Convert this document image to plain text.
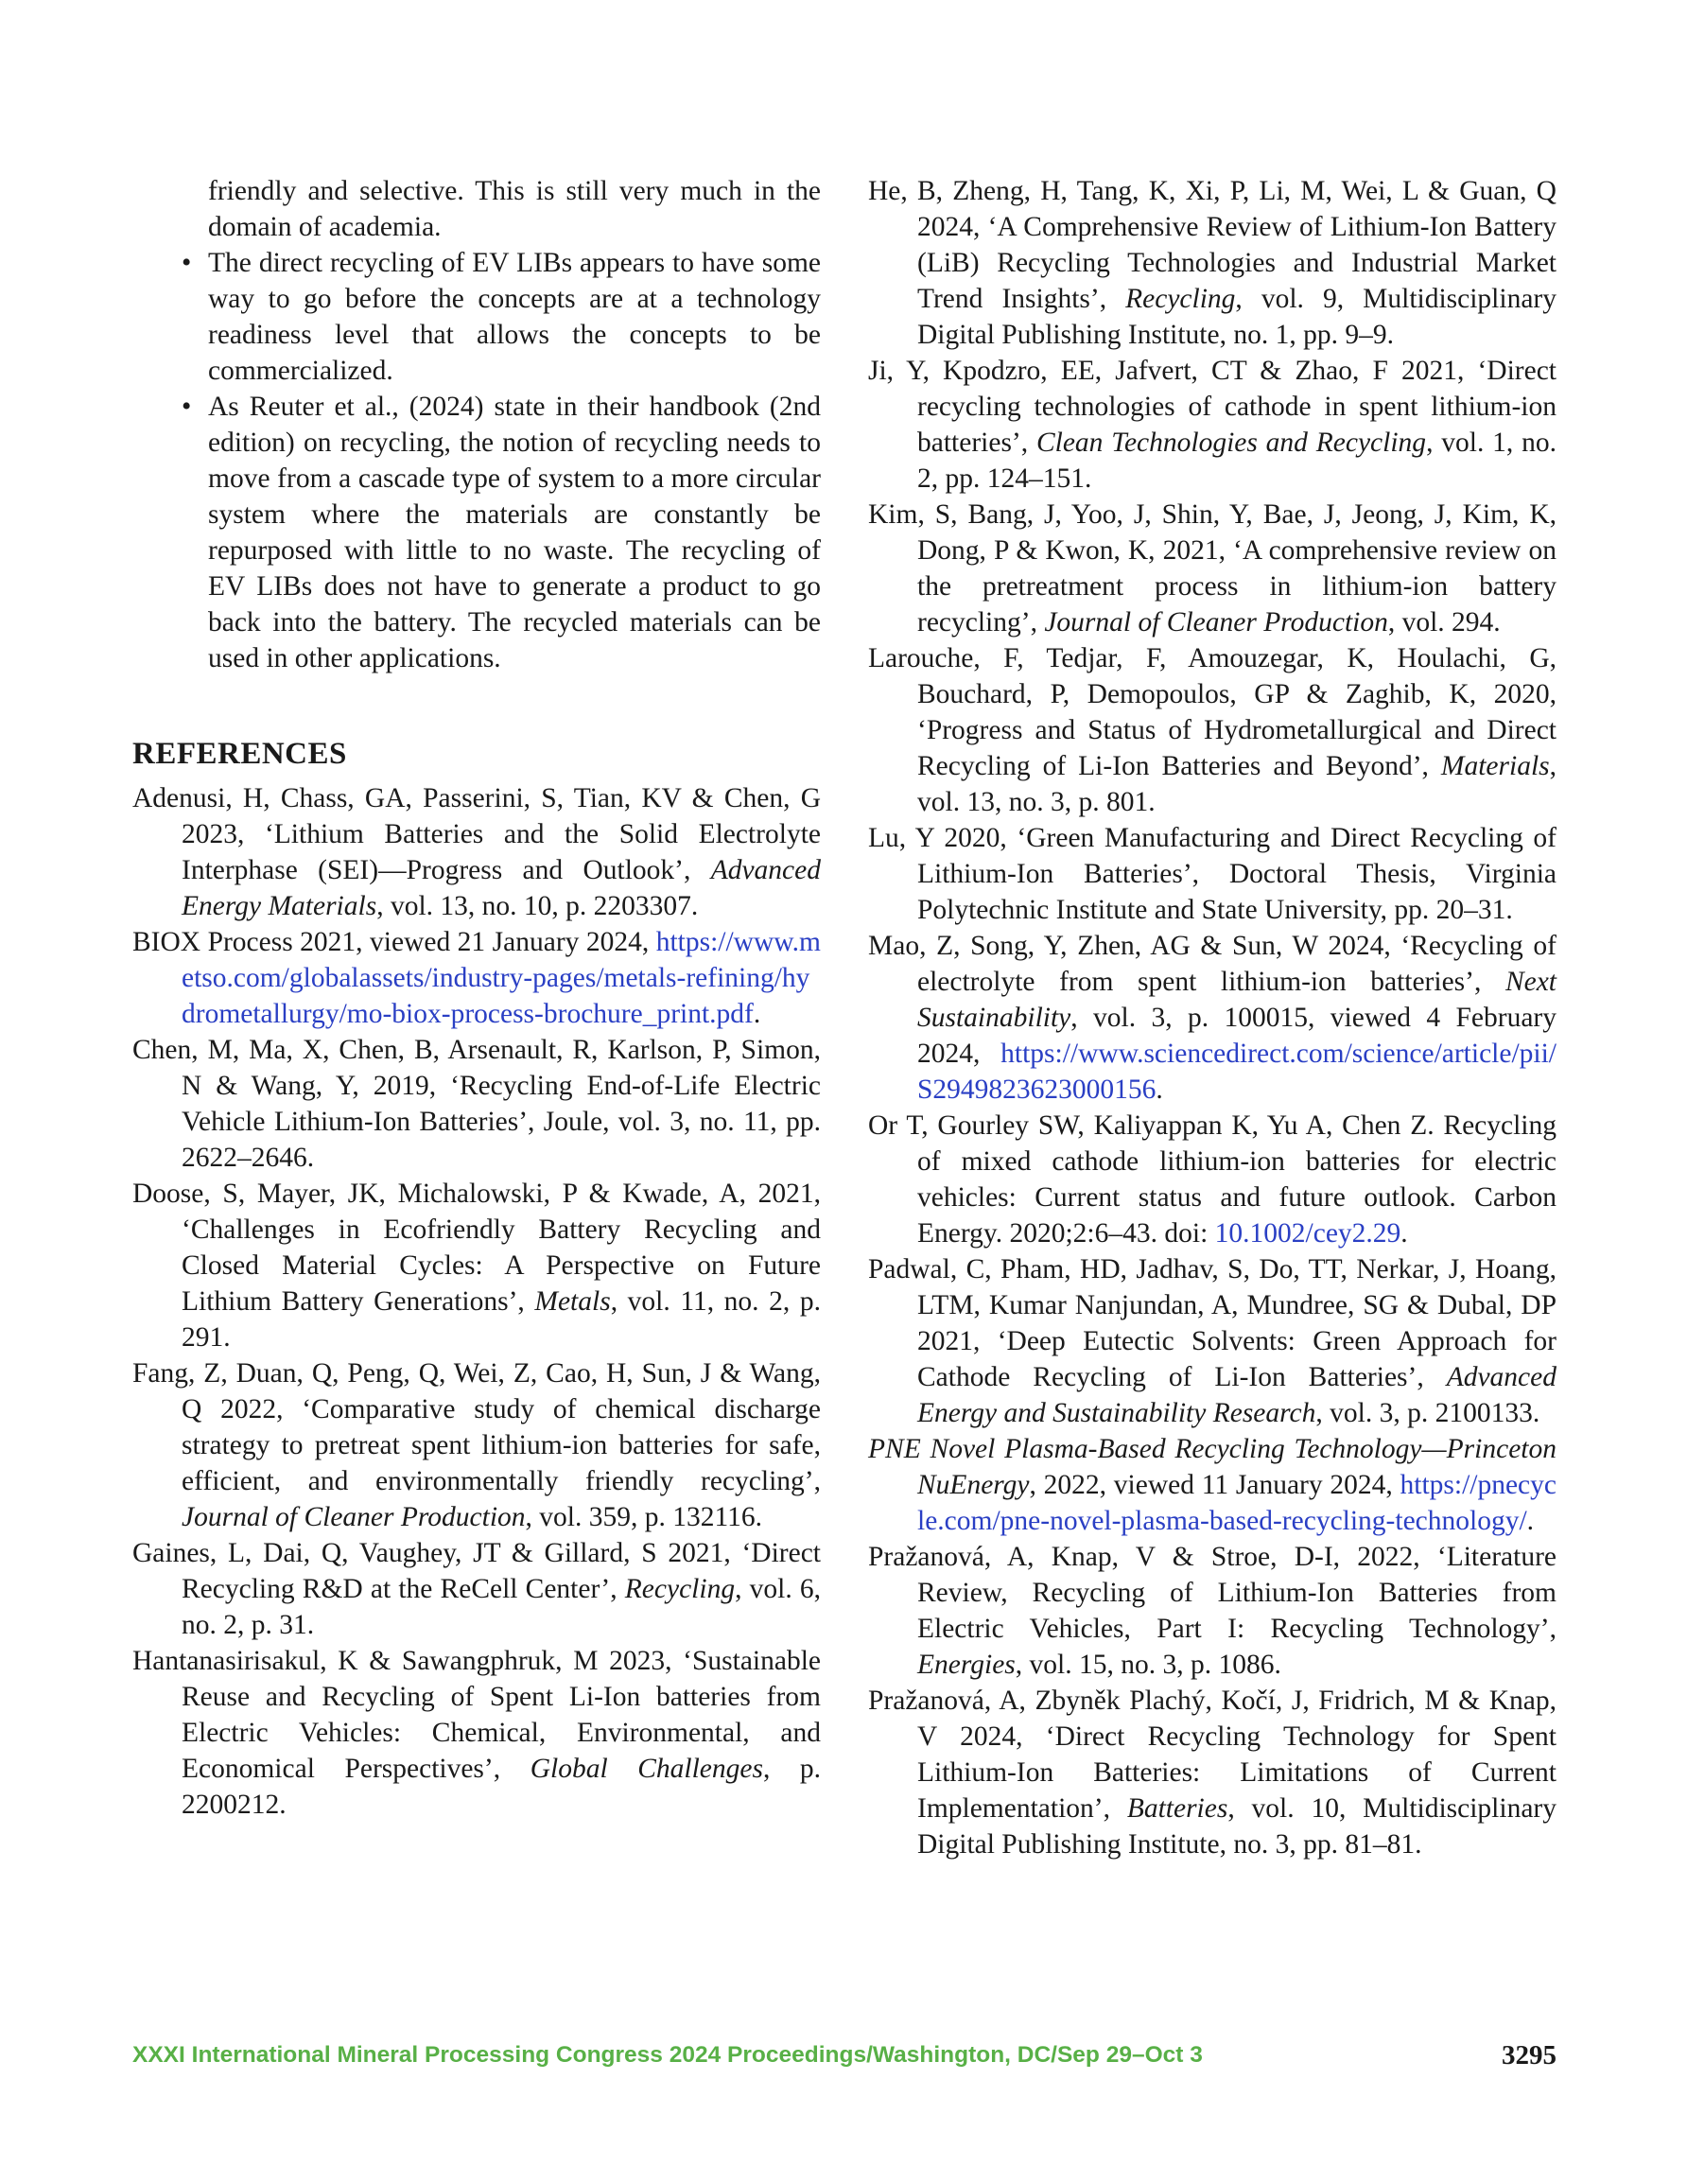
friendly and selective. This is still very much in the domain of academia.
• The direct recycling of EV LIBs appears to have some way to go before the concepts are at a technology readiness level that allows the concepts to be commercialized.
• As Reuter et al., (2024) state in their handbook (2nd edition) on recycling, the notion of recycling needs to move from a cascade type of system to a more circular system where the materials are constantly be repurposed with little to no waste. The recycling of EV LIBs does not have to generate a product to go back into the battery. The recycled materials can be used in other applications.
REFERENCES

Adenusi, H, Chass, GA, Passerini, S, Tian, KV & Chen, G 2023, ‘Lithium Batteries and the Solid Electrolyte Interphase (SEI)—Progress and Outlook’, Advanced Energy Materials, vol. 13, no. 10, p. 2203307.

BIOX Process 2021, viewed 21 January 2024, https://www.metso.com/globalassets/industry-pages/metals-refining/hydrometallurgy/mo-biox-process-brochure_print.pdf.

Chen, M, Ma, X, Chen, B, Arsenault, R, Karlson, P, Simon, N & Wang, Y, 2019, ‘Recycling End-of-Life Electric Vehicle Lithium-Ion Batteries’, Joule, vol. 3, no. 11, pp. 2622–2646.

Doose, S, Mayer, JK, Michalowski, P & Kwade, A, 2021, ‘Challenges in Ecofriendly Battery Recycling and Closed Material Cycles: A Perspective on Future Lithium Battery Generations’, Metals, vol. 11, no. 2, p. 291.

Fang, Z, Duan, Q, Peng, Q, Wei, Z, Cao, H, Sun, J & Wang, Q 2022, ‘Comparative study of chemical discharge strategy to pretreat spent lithium-ion batteries for safe, efficient, and environmentally friendly recycling’, Journal of Cleaner Production, vol. 359, p. 132116.

Gaines, L, Dai, Q, Vaughey, JT & Gillard, S 2021, ‘Direct Recycling R&D at the ReCell Center’, Recycling, vol. 6, no. 2, p. 31.

Hantanasirisakul, K & Sawangphruk, M 2023, ‘Sustainable Reuse and Recycling of Spent Li-Ion batteries from Electric Vehicles: Chemical, Environmental, and Economical Perspectives’, Global Challenges, p. 2200212.

He, B, Zheng, H, Tang, K, Xi, P, Li, M, Wei, L & Guan, Q 2024, ‘A Comprehensive Review of Lithium-Ion Battery (LiB) Recycling Technologies and Industrial Market Trend Insights’, Recycling, vol. 9, Multidisciplinary Digital Publishing Institute, no. 1, pp. 9–9.

Ji, Y, Kpodzro, EE, Jafvert, CT & Zhao, F 2021, ‘Direct recycling technologies of cathode in spent lithium-ion batteries’, Clean Technologies and Recycling, vol. 1, no. 2, pp. 124–151.

Kim, S, Bang, J, Yoo, J, Shin, Y, Bae, J, Jeong, J, Kim, K, Dong, P & Kwon, K, 2021, ‘A comprehensive review on the pretreatment process in lithium-ion battery recycling’, Journal of Cleaner Production, vol. 294.

Larouche, F, Tedjar, F, Amouzegar, K, Houlachi, G, Bouchard, P, Demopoulos, GP & Zaghib, K, 2020, ‘Progress and Status of Hydrometallurgical and Direct Recycling of Li-Ion Batteries and Beyond’, Materials, vol. 13, no. 3, p. 801.

Lu, Y 2020, ‘Green Manufacturing and Direct Recycling of Lithium-Ion Batteries’, Doctoral Thesis, Virginia Polytechnic Institute and State University, pp. 20–31.

Mao, Z, Song, Y, Zhen, AG & Sun, W 2024, ‘Recycling of electrolyte from spent lithium-ion batteries’, Next Sustainability, vol. 3, p. 100015, viewed 4 February 2024, https://www.sciencedirect.com/science/article/pii/S2949823623000156.

Or T, Gourley SW, Kaliyappan K, Yu A, Chen Z. Recycling of mixed cathode lithium-ion batteries for electric vehicles: Current status and future outlook. Carbon Energy. 2020;2:6–43. doi: 10.1002/cey2.29.

Padwal, C, Pham, HD, Jadhav, S, Do, TT, Nerkar, J, Hoang, LTM, Kumar Nanjundan, A, Mundree, SG & Dubal, DP 2021, ‘Deep Eutectic Solvents: Green Approach for Cathode Recycling of Li-Ion Batteries’, Advanced Energy and Sustainability Research, vol. 3, p. 2100133.

PNE Novel Plasma-Based Recycling Technology—Princeton NuEnergy, 2022, viewed 11 January 2024, https://pnecycle.com/pne-novel-plasma-based-recycling-technology/.

Pražanová, A, Knap, V & Stroe, D-I, 2022, ‘Literature Review, Recycling of Lithium-Ion Batteries from Electric Vehicles, Part I: Recycling Technology’, Energies, vol. 15, no. 3, p. 1086.

Pražanová, A, Zbyněk Plachý, Kočí, J, Fridrich, M & Knap, V 2024, ‘Direct Recycling Technology for Spent Lithium-Ion Batteries: Limitations of Current Implementation’, Batteries, vol. 10, Multidisciplinary Digital Publishing Institute, no. 3, pp. 81–81.

XXXI International Mineral Processing Congress 2024 Proceedings/Washington, DC/Sep 29–Oct 3	3295
